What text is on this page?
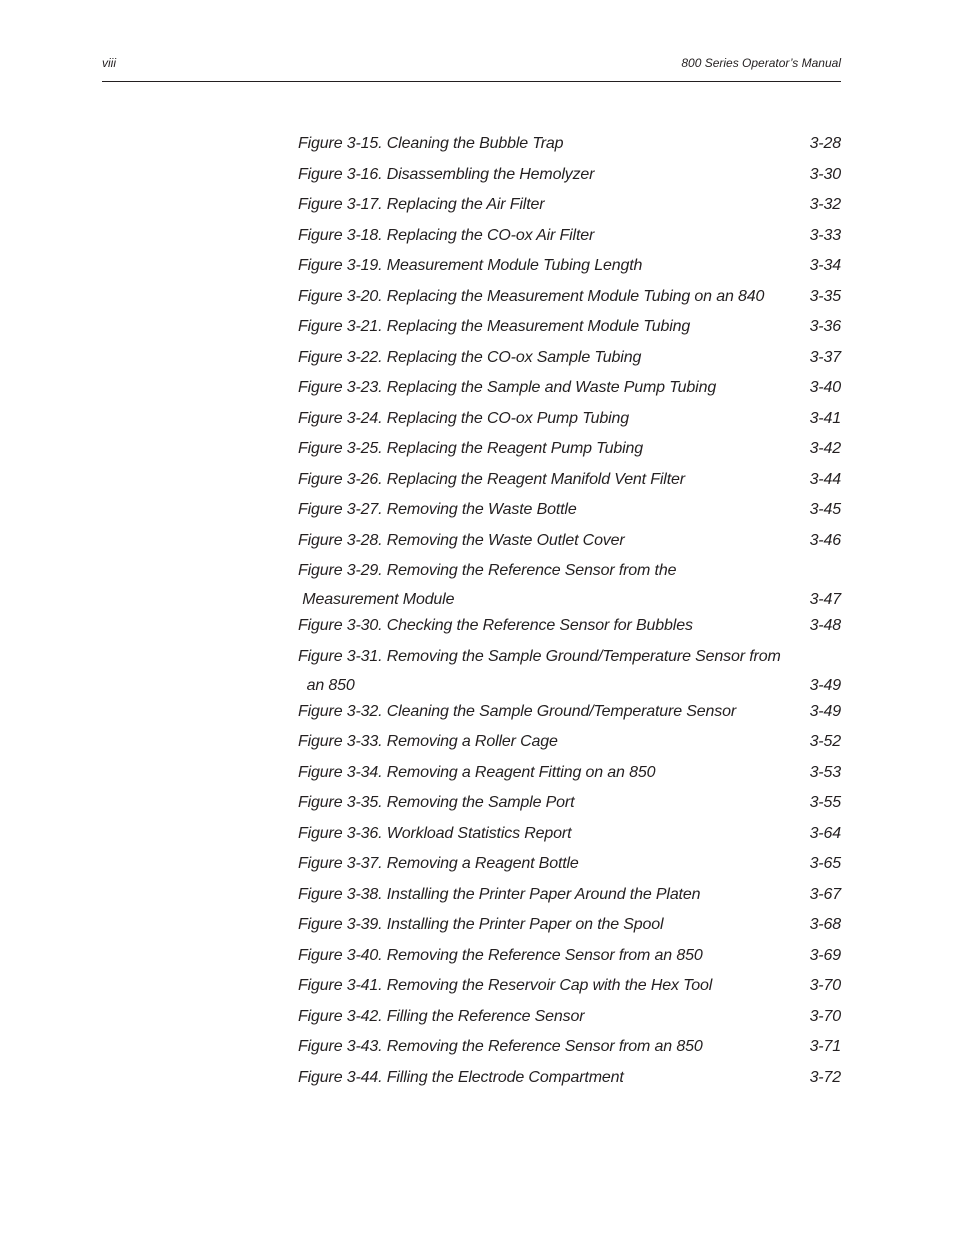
viii	800 Series Operator’s Manual
Figure 3-15. Cleaning the Bubble Trap	3-28
Figure 3-16. Disassembling the Hemolyzer	3-30
Figure 3-17. Replacing the Air Filter	3-32
Figure 3-18. Replacing the CO-ox Air Filter	3-33
Figure 3-19. Measurement Module Tubing Length	3-34
Figure 3-20. Replacing the Measurement Module Tubing on an 840	3-35
Figure 3-21. Replacing the Measurement Module Tubing	3-36
Figure 3-22. Replacing the CO-ox Sample Tubing	3-37
Figure 3-23. Replacing the Sample and Waste Pump Tubing	3-40
Figure 3-24. Replacing the CO-ox Pump Tubing	3-41
Figure 3-25. Replacing the Reagent Pump Tubing	3-42
Figure 3-26. Replacing the Reagent Manifold Vent Filter	3-44
Figure 3-27. Removing the Waste Bottle	3-45
Figure 3-28. Removing the Waste Outlet Cover	3-46
Figure 3-29. Removing the Reference Sensor from the
Measurement Module	3-47
Figure 3-30. Checking the Reference Sensor for Bubbles	3-48
Figure 3-31. Removing the Sample Ground/Temperature Sensor from
an 850	3-49
Figure 3-32. Cleaning the Sample Ground/Temperature Sensor	3-49
Figure 3-33. Removing a Roller Cage	3-52
Figure 3-34. Removing a Reagent Fitting on an 850	3-53
Figure 3-35. Removing the Sample Port	3-55
Figure 3-36. Workload Statistics Report	3-64
Figure 3-37. Removing a Reagent Bottle	3-65
Figure 3-38. Installing the Printer Paper Around the Platen	3-67
Figure 3-39. Installing the Printer Paper on the Spool	3-68
Figure 3-40. Removing the Reference Sensor from an 850	3-69
Figure 3-41. Removing the Reservoir Cap with the Hex Tool	3-70
Figure 3-42. Filling the Reference Sensor	3-70
Figure 3-43. Removing the Reference Sensor from an 850	3-71
Figure 3-44. Filling the Electrode Compartment	3-72
